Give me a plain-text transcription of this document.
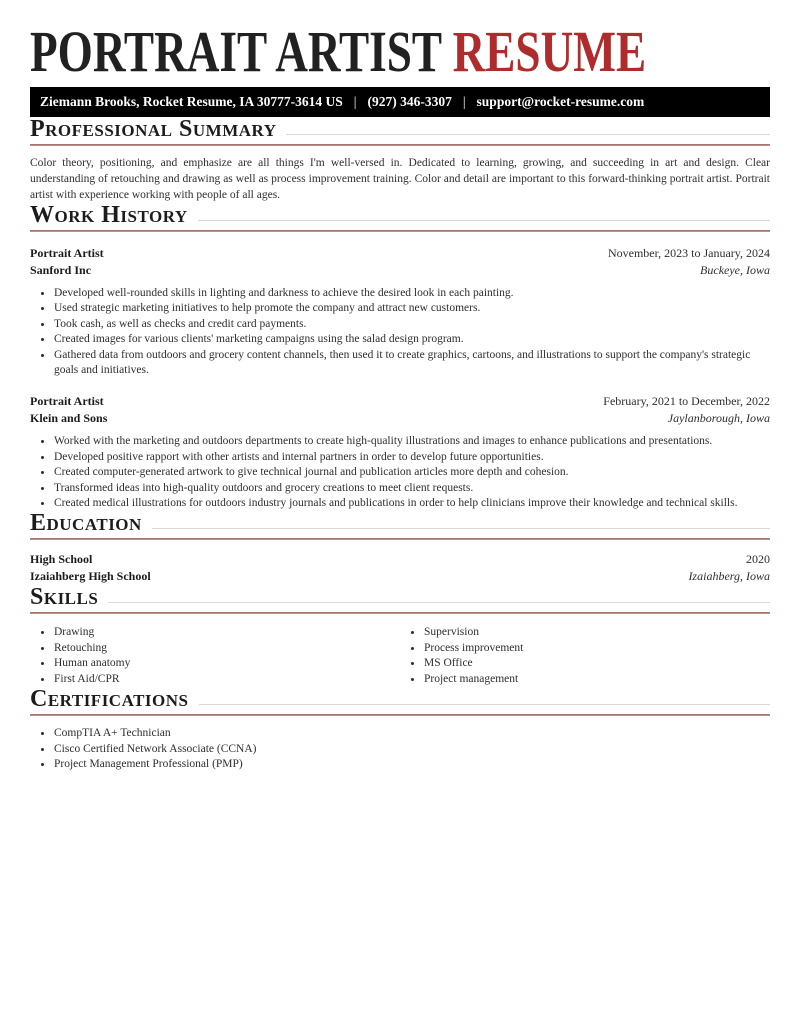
PORTRAIT ARTIST RESUME
Ziemann Brooks, Rocket Resume, IA 30777-3614 US | (927) 346-3307 | support@rocket-resume.com
Professional Summary

Color theory, positioning, and emphasize are all things I'm well-versed in. Dedicated to learning, growing, and succeeding in art and design. Clear understanding of retouching and drawing as well as process improvement training. Color and detail are important to this forward-thinking portrait artist. Portrait artist with experience working with people of all ages.

Work History
Portrait Artist	November, 2023 to January, 2024
Sanford Inc	Buckeye, Iowa
• Developed well-rounded skills in lighting and darkness to achieve the desired look in each painting.
• Used strategic marketing initiatives to help promote the company and attract new customers.
• Took cash, as well as checks and credit card payments.
• Created images for various clients' marketing campaigns using the salad design program.
• Gathered data from outdoors and grocery content channels, then used it to create graphics, cartoons, and illustrations to support the company's strategic goals and initiatives.
Portrait Artist	February, 2021 to December, 2022
Klein and Sons	Jaylanborough, Iowa
• Worked with the marketing and outdoors departments to create high-quality illustrations and images to enhance publications and presentations.
• Developed positive rapport with other artists and internal partners in order to develop future opportunities.
• Created computer-generated artwork to give technical journal and publication articles more depth and cohesion.
• Transformed ideas into high-quality outdoors and grocery creations to meet client requests.
• Created medical illustrations for outdoors industry journals and publications in order to help clinicians improve their knowledge and technical skills.
Education
High School	2020
Izaiahberg High School	Izaiahberg, Iowa
Skills
• Drawing
• Retouching
• Human anatomy
• First Aid/CPR
• Supervision
• Process improvement
• MS Office
• Project management
Certifications
• CompTIA A+ Technician
• Cisco Certified Network Associate (CCNA)
• Project Management Professional (PMP)
